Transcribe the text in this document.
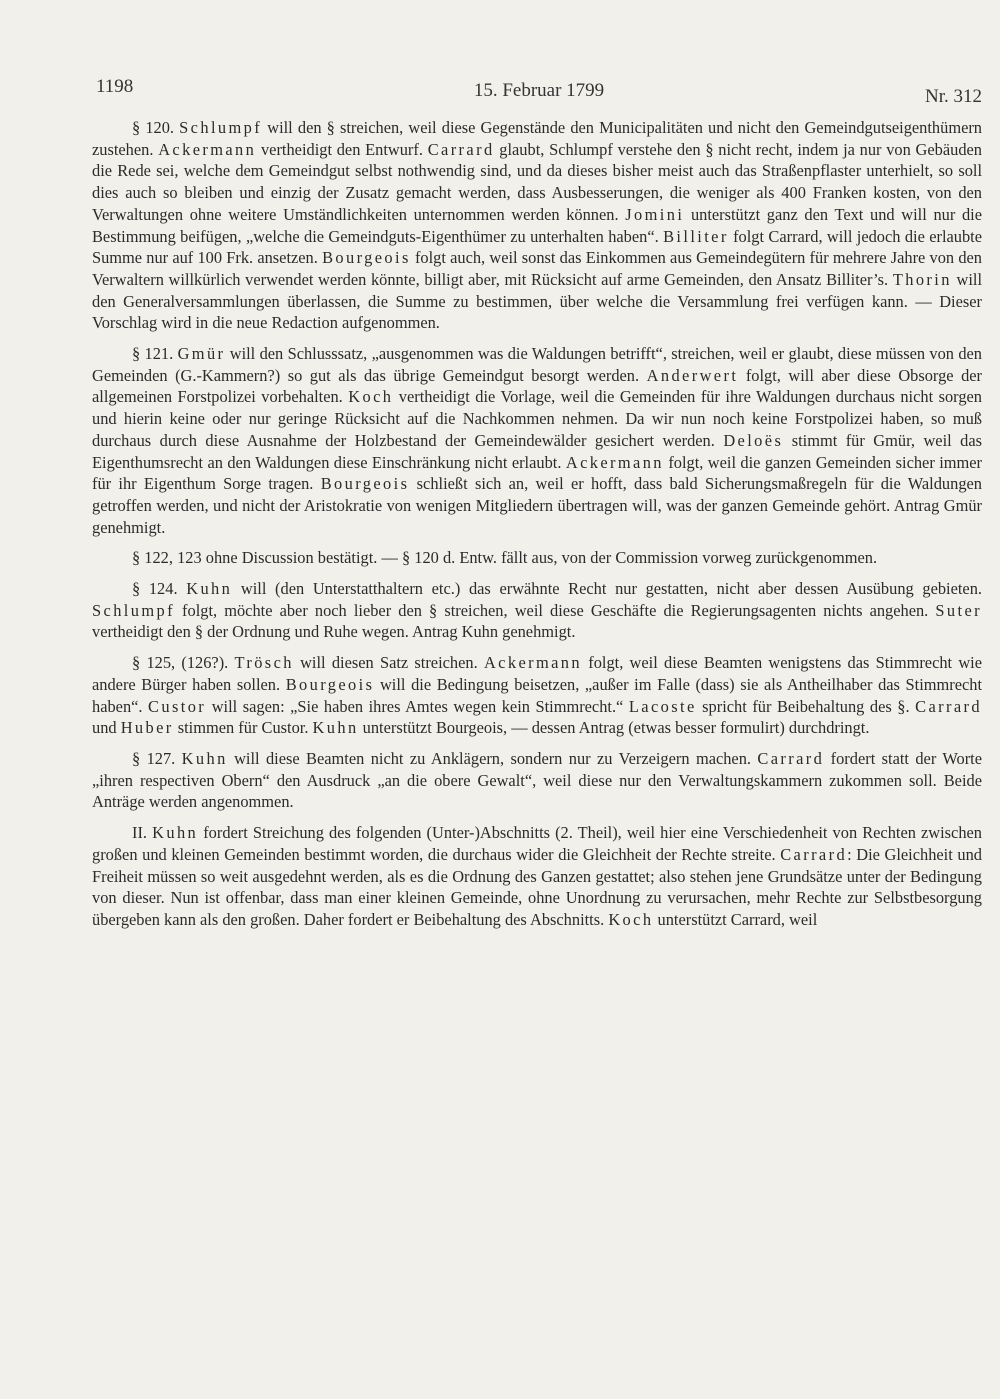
1198	15. Februar 1799	Nr. 312

§ 120. Schlumpf will den § streichen, weil diese Gegenstände den Municipalitäten und nicht den Gemeindgutseigenthümern zustehen. Ackermann vertheidigt den Entwurf. Carrard glaubt, Schlumpf verstehe den § nicht recht, indem ja nur von Gebäuden die Rede sei, welche dem Gemeindgut selbst nothwendig sind, und da dieses bisher meist auch das Straßenpflaster unterhielt, so soll dies auch so bleiben und einzig der Zusatz gemacht werden, dass Ausbesserungen, die weniger als 400 Franken kosten, von den Verwaltungen ohne weitere Umständlichkeiten unternommen werden können. Jomini unterstützt ganz den Text und will nur die Bestimmung beifügen, „welche die Gemeindguts-Eigenthümer zu unterhalten haben“. Billiter folgt Carrard, will jedoch die erlaubte Summe nur auf 100 Frk. ansetzen. Bourgeois folgt auch, weil sonst das Einkommen aus Gemeindegütern für mehrere Jahre von den Verwaltern willkürlich verwendet werden könnte, billigt aber, mit Rücksicht auf arme Gemeinden, den Ansatz Billiter’s. Thorin will den Generalversammlungen überlassen, die Summe zu bestimmen, über welche die Versammlung frei verfügen kann. — Dieser Vorschlag wird in die neue Redaction aufgenommen.

§ 121. Gmür will den Schlusssatz, „ausgenommen was die Waldungen betrifft“, streichen, weil er glaubt, diese müssen von den Gemeinden (G.-Kammern?) so gut als das übrige Gemeindgut besorgt werden. Anderwert folgt, will aber diese Obsorge der allgemeinen Forstpolizei vorbehalten. Koch vertheidigt die Vorlage, weil die Gemeinden für ihre Waldungen durchaus nicht sorgen und hierin keine oder nur geringe Rücksicht auf die Nachkommen nehmen. Da wir nun noch keine Forstpolizei haben, so muß durchaus durch diese Ausnahme der Holzbestand der Gemeindewälder gesichert werden. Deloës stimmt für Gmür, weil das Eigenthumsrecht an den Waldungen diese Einschränkung nicht erlaubt. Ackermann folgt, weil die ganzen Gemeinden sicher immer für ihr Eigenthum Sorge tragen. Bourgeois schließt sich an, weil er hofft, dass bald Sicherungsmaßregeln für die Waldungen getroffen werden, und nicht der Aristokratie von wenigen Mitgliedern übertragen will, was der ganzen Gemeinde gehört. Antrag Gmür genehmigt.

§ 122, 123 ohne Discussion bestätigt. — § 120 d. Entw. fällt aus, von der Commission vorweg zurückgenommen.

§ 124. Kuhn will (den Unterstatthaltern etc.) das erwähnte Recht nur gestatten, nicht aber dessen Ausübung gebieten. Schlumpf folgt, möchte aber noch lieber den § streichen, weil diese Geschäfte die Regierungsagenten nichts angehen. Suter vertheidigt den § der Ordnung und Ruhe wegen. Antrag Kuhn genehmigt.

§ 125, (126?). Trösch will diesen Satz streichen. Ackermann folgt, weil diese Beamten wenigstens das Stimmrecht wie andere Bürger haben sollen. Bourgeois will die Bedingung beisetzen, „außer im Falle (dass) sie als Antheilhaber das Stimmrecht haben“. Custor will sagen: „Sie haben ihres Amtes wegen kein Stimmrecht.“ Lacoste spricht für Beibehaltung des §. Carrard und Huber stimmen für Custor. Kuhn unterstützt Bourgeois, — dessen Antrag (etwas besser formulirt) durchdringt.

§ 127. Kuhn will diese Beamten nicht zu Anklägern, sondern nur zu Verzeigern machen. Carrard fordert statt der Worte „ihren respectiven Obern“ den Ausdruck „an die obere Gewalt“, weil diese nur den Verwaltungskammern zukommen soll. Beide Anträge werden angenommen.

II. Kuhn fordert Streichung des folgenden (Unter-)Abschnitts (2. Theil), weil hier eine Verschiedenheit von Rechten zwischen großen und kleinen Gemeinden bestimmt worden, die durchaus wider die Gleichheit der Rechte streite. Carrard: Die Gleichheit und Freiheit müssen so weit ausgedehnt werden, als es die Ordnung des Ganzen gestattet; also stehen jene Grundsätze unter der Bedingung von dieser. Nun ist offenbar, dass man einer kleinen Gemeinde, ohne Unordnung zu verursachen, mehr Rechte zur Selbstbesorgung übergeben kann als den großen. Daher fordert er Beibehaltung des Abschnitts. Koch unterstützt Carrard, weil
